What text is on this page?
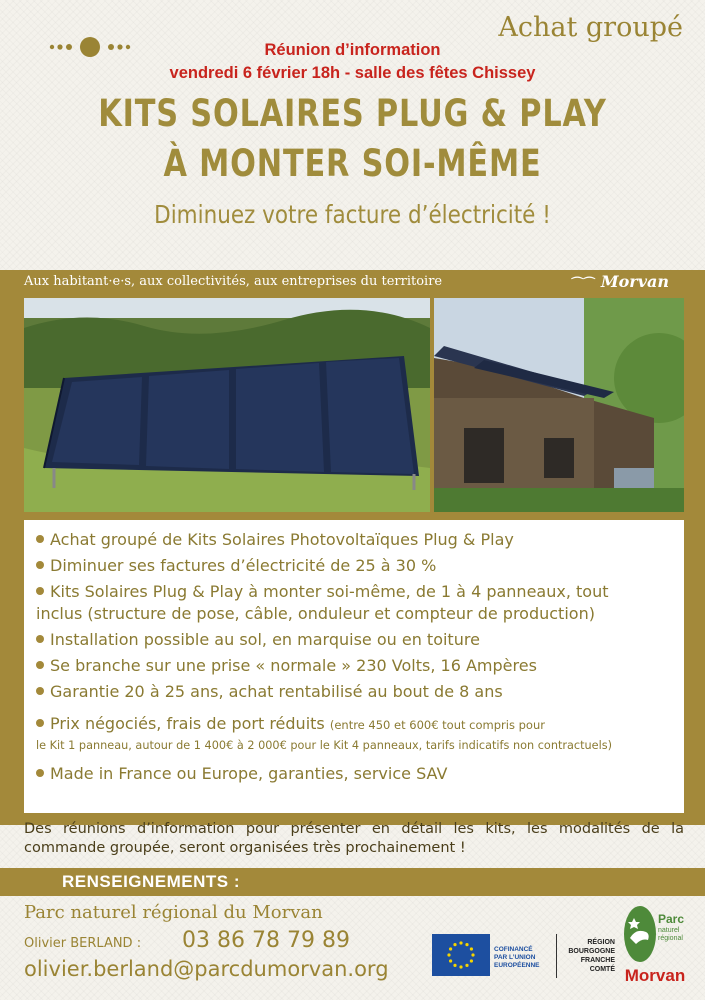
Achat groupé
Réunion d’information
vendredi 6 février 18h - salle des fêtes Chissey
KITS SOLAIRES PLUG & PLAY
À MONTER SOI-MÊME
Diminuez votre facture d’électricité !
Aux habitant·e·s, aux collectivités, aux entreprises du territoire	⌒⌒ Morvan
Achat groupé de Kits Solaires Photovoltaïques Plug & Play
Diminuer ses factures d’électricité de 25 à 30 %
Kits Solaires Plug & Play à monter soi-même, de 1 à 4 panneaux, tout
inclus (structure de pose, câble, onduleur et compteur de production)
Installation possible au sol, en marquise ou en toiture
Se branche sur une prise « normale » 230 Volts, 16 Ampères
Garantie 20 à 25 ans, achat rentabilisé au bout de 8 ans
Prix négociés, frais de port réduits (entre 450 et 600€ tout compris pour
le Kit 1 panneau, autour de 1 400€ à 2 000€ pour le Kit 4 panneaux, tarifs indicatifs non contractuels)
Made in France ou Europe, garanties, service SAV
Des réunions d’information pour présenter en détail les kits, les modalités de la commande groupée, seront organisées très prochainement !
RENSEIGNEMENTS :
Parc naturel régional du Morvan
Olivier BERLAND : 03 86 78 79 89
olivier.berland@parcdumorvan.org
COFINANCÉ
PAR L’UNION
EUROPÉENNE
RÉGION
BOURGOGNE
FRANCHE
COMTÉ
Parc
naturel
régional
Morvan
